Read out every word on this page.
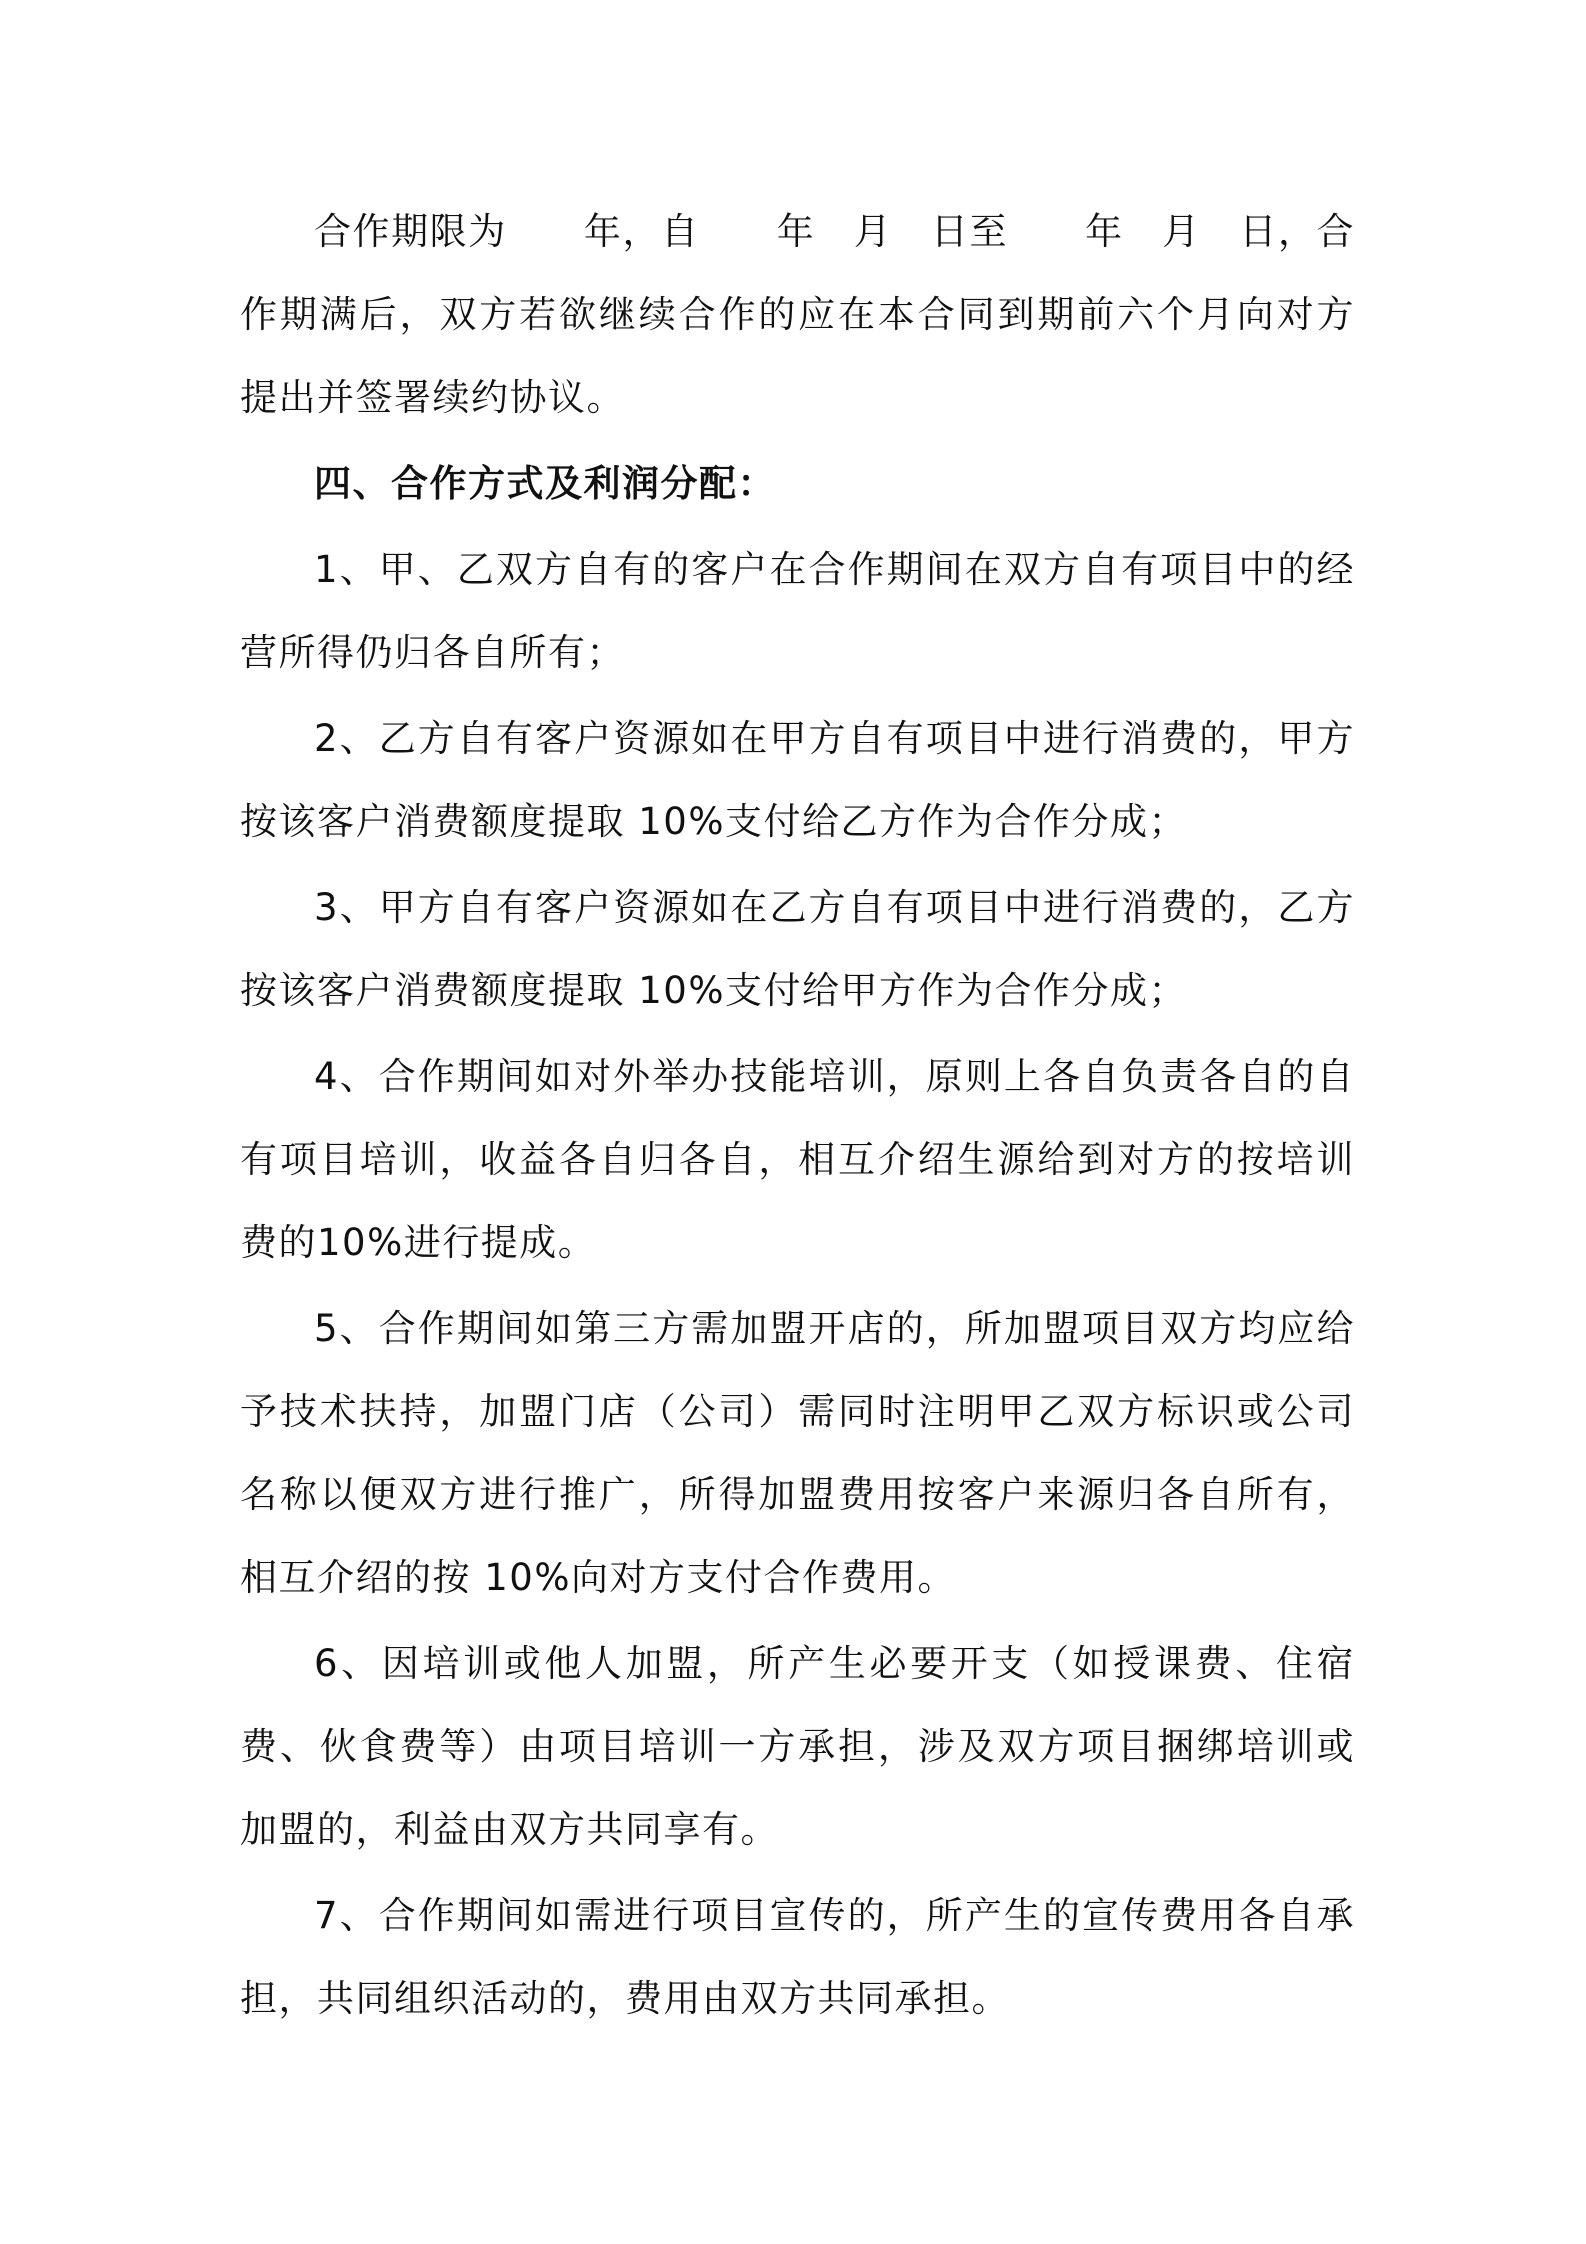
合作期限为　　年，自　　年　月　日至　　年　月　日，合作期满后，双方若欲继续合作的应在本合同到期前六个月向对方提出并签署续约协议。

四、合作方式及利润分配：

1、甲、乙双方自有的客户在合作期间在双方自有项目中的经营所得仍归各自所有；

2、乙方自有客户资源如在甲方自有项目中进行消费的，甲方按该客户消费额度提取 10%支付给乙方作为合作分成；

3、甲方自有客户资源如在乙方自有项目中进行消费的，乙方按该客户消费额度提取 10%支付给甲方作为合作分成；

4、合作期间如对外举办技能培训，原则上各自负责各自的自有项目培训，收益各自归各自，相互介绍生源给到对方的按培训费的10%进行提成。

5、合作期间如第三方需加盟开店的，所加盟项目双方均应给予技术扶持，加盟门店（公司）需同时注明甲乙双方标识或公司名称以便双方进行推广，所得加盟费用按客户来源归各自所有，相互介绍的按 10%向对方支付合作费用。

6、因培训或他人加盟，所产生必要开支（如授课费、住宿费、伙食费等）由项目培训一方承担，涉及双方项目捆绑培训或加盟的，利益由双方共同享有。

7、合作期间如需进行项目宣传的，所产生的宣传费用各自承担，共同组织活动的，费用由双方共同承担。
